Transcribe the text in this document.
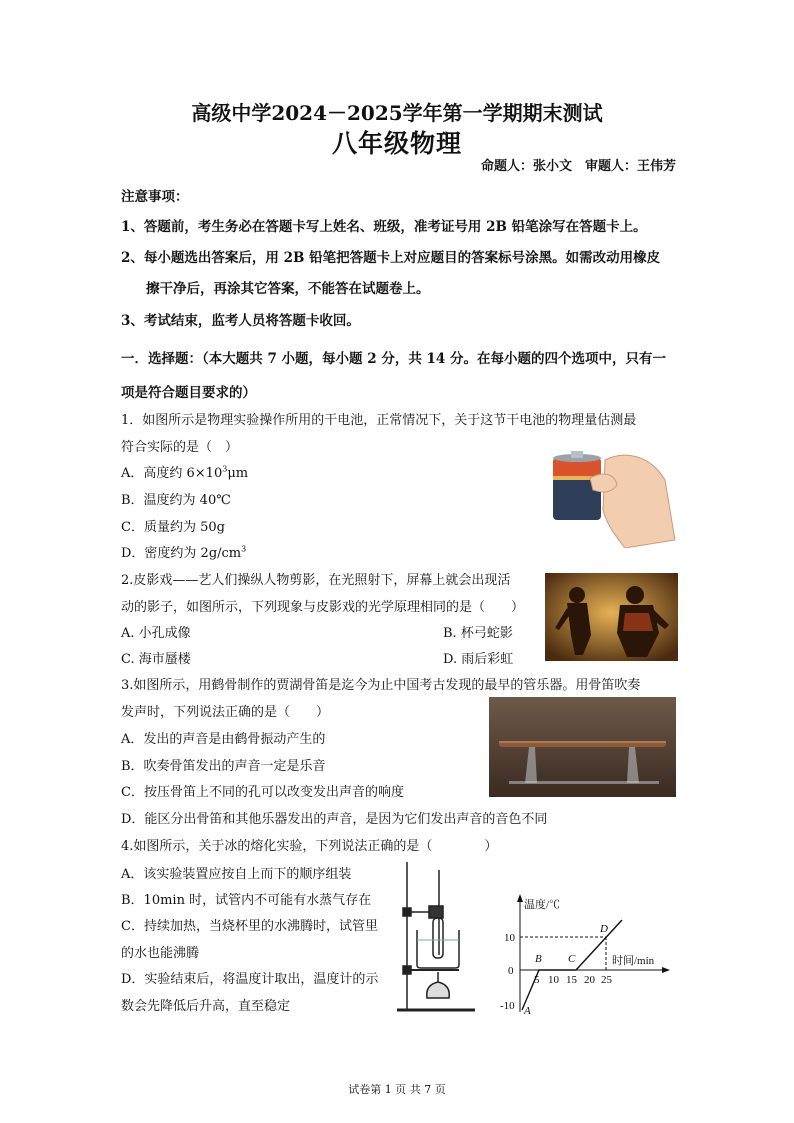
高级中学2024－2025学年第一学期期末测试
八年级物理
命题人：张小文　审题人：王伟芳
注意事项：
1、答题前，考生务必在答题卡写上姓名、班级，准考证号用 2B 铅笔涂写在答题卡上。
2、每小题选出答案后，用 2B 铅笔把答题卡上对应题目的答案标号涂黑。如需改动用橡皮
擦干净后，再涂其它答案，不能答在试题卷上。
3、考试结束，监考人员将答题卡收回。
一．选择题：（本大题共 7 小题，每小题 2 分，共 14 分。在每小题的四个选项中，只有一
项是符合题目要求的）
1．如图所示是物理实验操作所用的干电池，正常情况下，关于这节干电池的物理量估测最
符合实际的是（　）
A．高度约 $6\times 10^3\mu m$
B．温度约为 40℃
C．质量约为 50g
D．密度约为 $2g/cm^3$
2.皮影戏——艺人们操纵人物剪影，在光照射下，屏幕上就会出现活
动的影子，如图所示，下列现象与皮影戏的光学原理相同的是（　　）
A. 小孔成像	B. 杯弓蛇影
C. 海市蜃楼	D. 雨后彩虹
3.如图所示，用鹤骨制作的贾湖骨笛是迄今为止中国考古发现的最早的管乐器。用骨笛吹奏
发声时，下列说法正确的是（　　）
A．发出的声音是由鹤骨振动产生的
B．吹奏骨笛发出的声音一定是乐音
C．按压骨笛上不同的孔可以改变发出声音的响度
D．能区分出骨笛和其他乐器发出的声音，是因为它们发出声音的音色不同
4.如图所示，关于冰的熔化实验，下列说法正确的是（　　　　）
A．该实验装置应按自上而下的顺序组装
B．10min 时，试管内不可能有水蒸气存在
C．持续加热，当烧杯里的水沸腾时，试管里
的水也能沸腾
D．实验结束后，将温度计取出，温度计的示
数会先降低后升高，直至稳定
温度/℃
时间/min
10
0
-10
5 10 15 20 25
A
B C
D
试卷第 1 页 共 7 页
